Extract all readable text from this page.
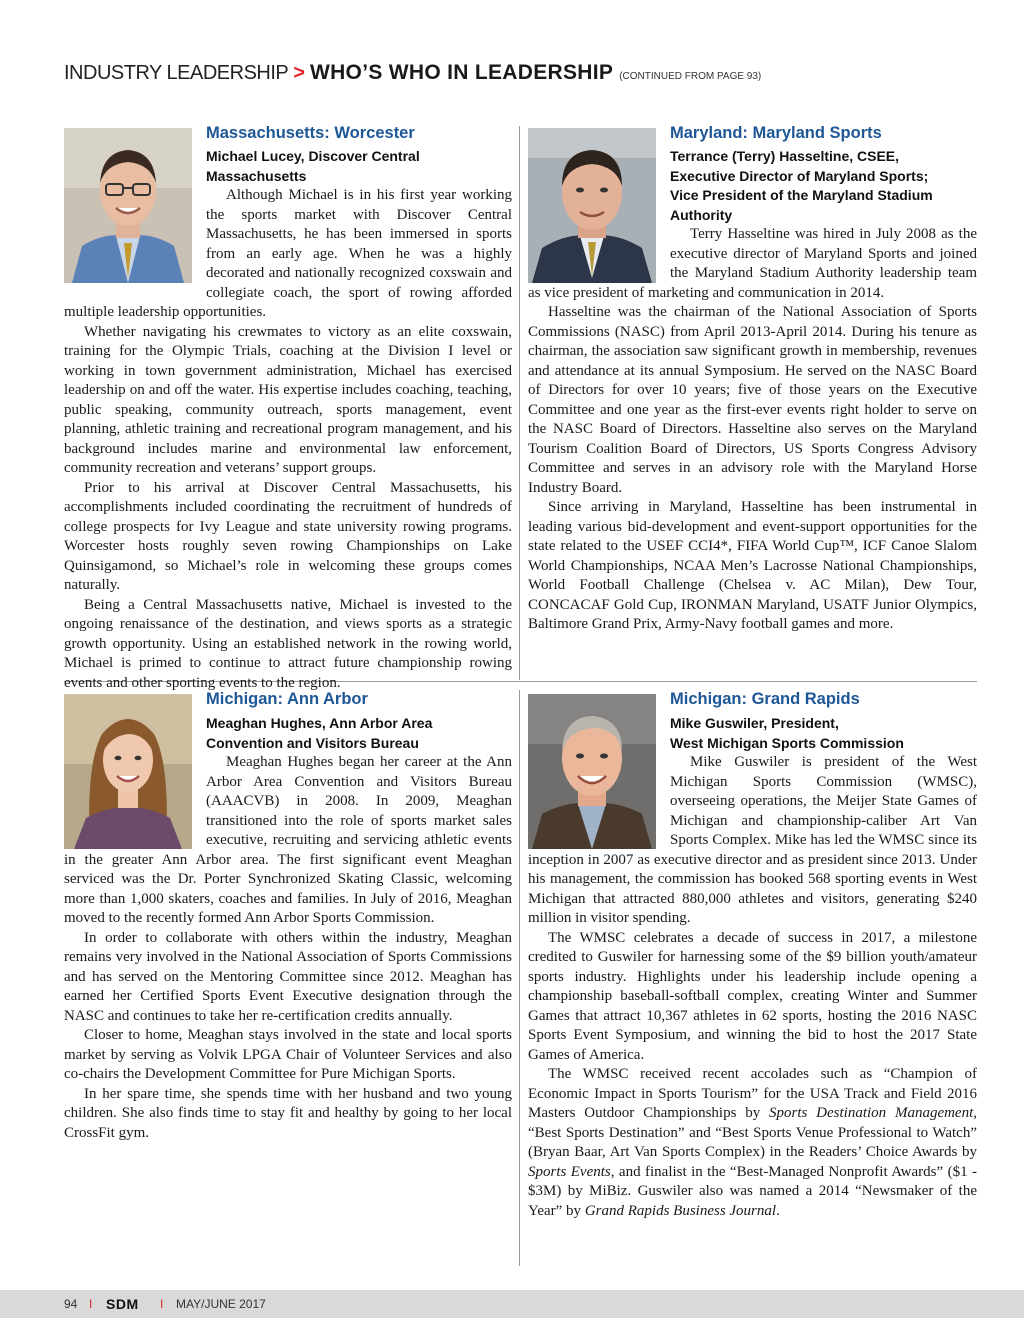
INDUSTRY LEADERSHIP > WHO’S WHO IN LEADERSHIP (CONTINUED FROM PAGE 93)
Massachusetts: Worcester
Michael Lucey, Discover Central
Massachusetts

Although Michael is in his first year working the sports market with Discover Central Massachusetts, he has been immersed in sports from an early age. When he was a highly decorated and nationally recognized coxswain and collegiate coach, the sport of rowing afforded multiple leadership opportunities.

Whether navigating his crewmates to victory as an elite coxswain, training for the Olympic Trials, coaching at the Division I level or working in town government administration, Michael has exercised leadership on and off the water. His expertise includes coaching, teaching, public speaking, community outreach, sports management, event planning, athletic training and recreational program management, and his background includes marine and environmental law enforcement, community recreation and veterans’ support groups.

Prior to his arrival at Discover Central Massachusetts, his accomplishments included coordinating the recruitment of hundreds of college prospects for Ivy League and state university rowing programs. Worcester hosts roughly seven rowing Championships on Lake Quinsigamond, so Michael’s role in welcoming these groups comes naturally.

Being a Central Massachusetts native, Michael is invested to the ongoing renaissance of the destination, and views sports as a strategic growth opportunity. Using an established network in the rowing world, Michael is primed to continue to attract future championship rowing events and other sporting events to the region.

Maryland: Maryland Sports
Terrance (Terry) Hasseltine, CSEE,
Executive Director of Maryland Sports;
Vice President of the Maryland Stadium
Authority

Terry Hasseltine was hired in July 2008 as the executive director of Maryland Sports and joined the Maryland Stadium Authority leadership team as vice president of marketing and communication in 2014.

Hasseltine was the chairman of the National Association of Sports Commissions (NASC) from April 2013-April 2014. During his tenure as chairman, the association saw significant growth in membership, revenues and attendance at its annual Symposium. He served on the NASC Board of Directors for over 10 years; five of those years on the Executive Committee and one year as the first-ever events right holder to serve on the NASC Board of Directors. Hasseltine also serves on the Maryland Tourism Coalition Board of Directors, US Sports Congress Advisory Committee and serves in an advisory role with the Maryland Horse Industry Board.

Since arriving in Maryland, Hasseltine has been instrumental in leading various bid-development and event-support opportunities for the state related to the USEF CCI4*, FIFA World Cup™, ICF Canoe Slalom World Championships, NCAA Men’s Lacrosse National Championships, World Football Challenge (Chelsea v. AC Milan), Dew Tour, CONCACAF Gold Cup, IRONMAN Maryland, USATF Junior Olympics, Baltimore Grand Prix, Army-Navy football games and more.

Michigan: Ann Arbor
Meaghan Hughes, Ann Arbor Area
Convention and Visitors Bureau

Meaghan Hughes began her career at the Ann Arbor Area Convention and Visitors Bureau (AAACVB) in 2008. In 2009, Meaghan transitioned into the role of sports market sales executive, recruiting and servicing athletic events in the greater Ann Arbor area. The first significant event Meaghan serviced was the Dr. Porter Synchronized Skating Classic, welcoming more than 1,000 skaters, coaches and families. In July of 2016, Meaghan moved to the recently formed Ann Arbor Sports Commission.

In order to collaborate with others within the industry, Meaghan remains very involved in the National Association of Sports Commissions and has served on the Mentoring Committee since 2012. Meaghan has earned her Certified Sports Event Executive designation through the NASC and continues to take her re-certification credits annually.

Closer to home, Meaghan stays involved in the state and local sports market by serving as Volvik LPGA Chair of Volunteer Services and also co-chairs the Development Committee for Pure Michigan Sports.

In her spare time, she spends time with her husband and two young children. She also finds time to stay fit and healthy by going to her local CrossFit gym.

Michigan: Grand Rapids
Mike Guswiler, President,
West Michigan Sports Commission

Mike Guswiler is president of the West Michigan Sports Commission (WMSC), overseeing operations, the Meijer State Games of Michigan and championship-caliber Art Van Sports Complex. Mike has led the WMSC since its inception in 2007 as executive director and as president since 2013. Under his management, the commission has booked 568 sporting events in West Michigan that attracted 880,000 athletes and visitors, generating $240 million in visitor spending.

The WMSC celebrates a decade of success in 2017, a milestone credited to Guswiler for harnessing some of the $9 billion youth/amateur sports industry. Highlights under his leadership include opening a championship baseball-softball complex, creating Winter and Summer Games that attract 10,367 athletes in 62 sports, hosting the 2016 NASC Sports Event Symposium, and winning the bid to host the 2017 State Games of America.

The WMSC received recent accolades such as “Champion of Economic Impact in Sports Tourism” for the USA Track and Field 2016 Masters Outdoor Championships by Sports Destination Management, “Best Sports Destination” and “Best Sports Venue Professional to Watch” (Bryan Baar, Art Van Sports Complex) in the Readers’ Choice Awards by Sports Events, and finalist in the “Best-Managed Nonprofit Awards” ($1 - $3M) by MiBiz. Guswiler also was named a 2014 “Newsmaker of the Year” by Grand Rapids Business Journal.

94 I SDM I MAY/JUNE 2017
